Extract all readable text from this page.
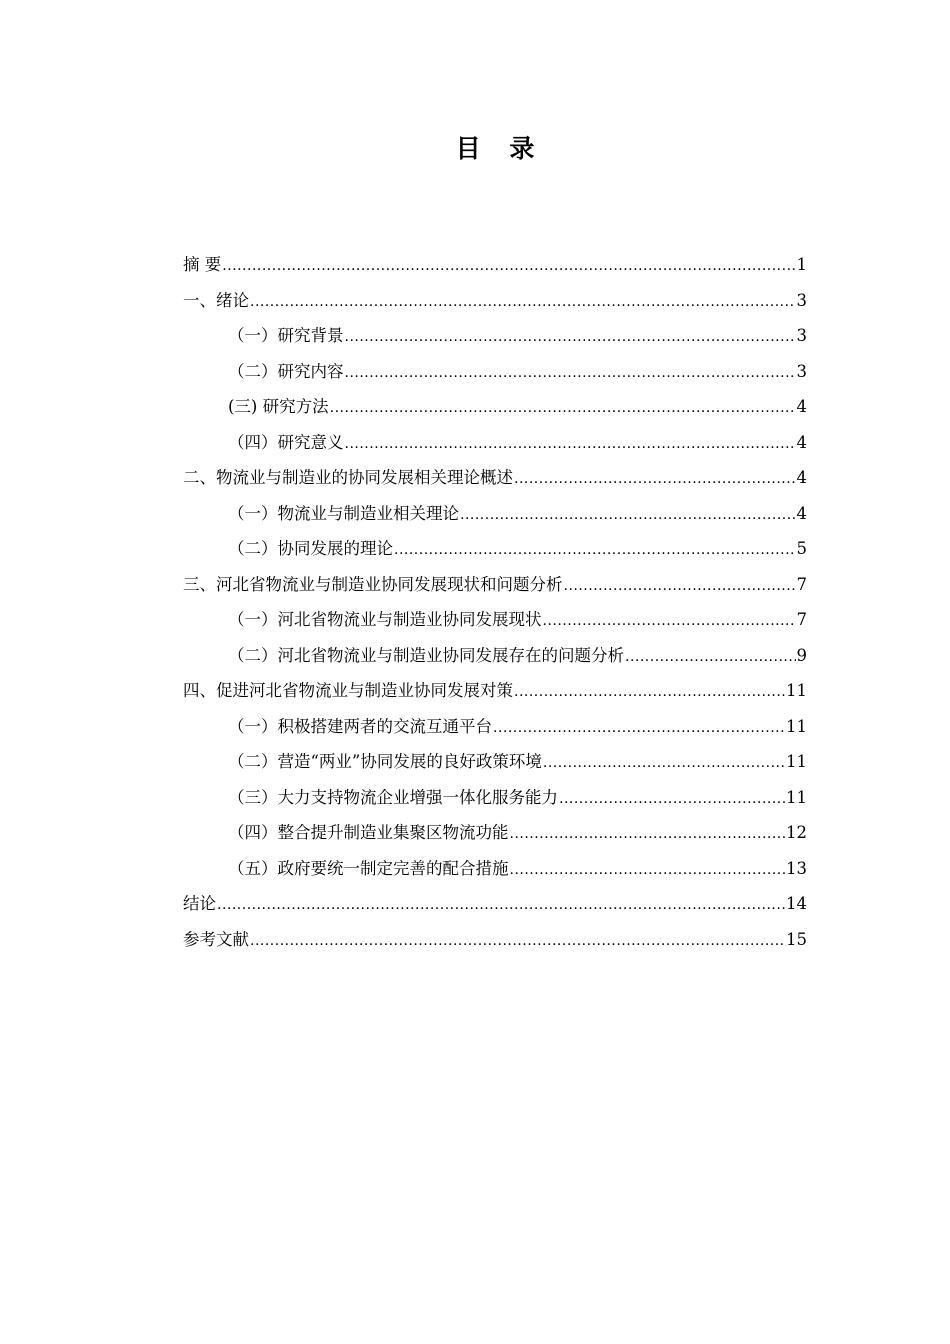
目 录
摘 要 .....	1
一、绪论 .....	3
（一）研究背景 .....	3
（二）研究内容 .....	3
(三) 研究方法 .....	4
（四）研究意义 .....	4
二、物流业与制造业的协同发展相关理论概述 .....	4
（一）物流业与制造业相关理论 .....	4
（二）协同发展的理论 .....	5
三、河北省物流业与制造业协同发展现状和问题分析 .....	7
（一）河北省物流业与制造业协同发展现状 .....	7
（二）河北省物流业与制造业协同发展存在的问题分析 .....	9
四、促进河北省物流业与制造业协同发展对策 .....	11
（一）积极搭建两者的交流互通平台 .....	11
（二）营造“两业”协同发展的良好政策环境 .....	11
（三）大力支持物流企业增强一体化服务能力 .....	11
（四）整合提升制造业集聚区物流功能 .....	12
（五）政府要统一制定完善的配合措施 .....	13
结论 .....	14
参考文献 .....	15
